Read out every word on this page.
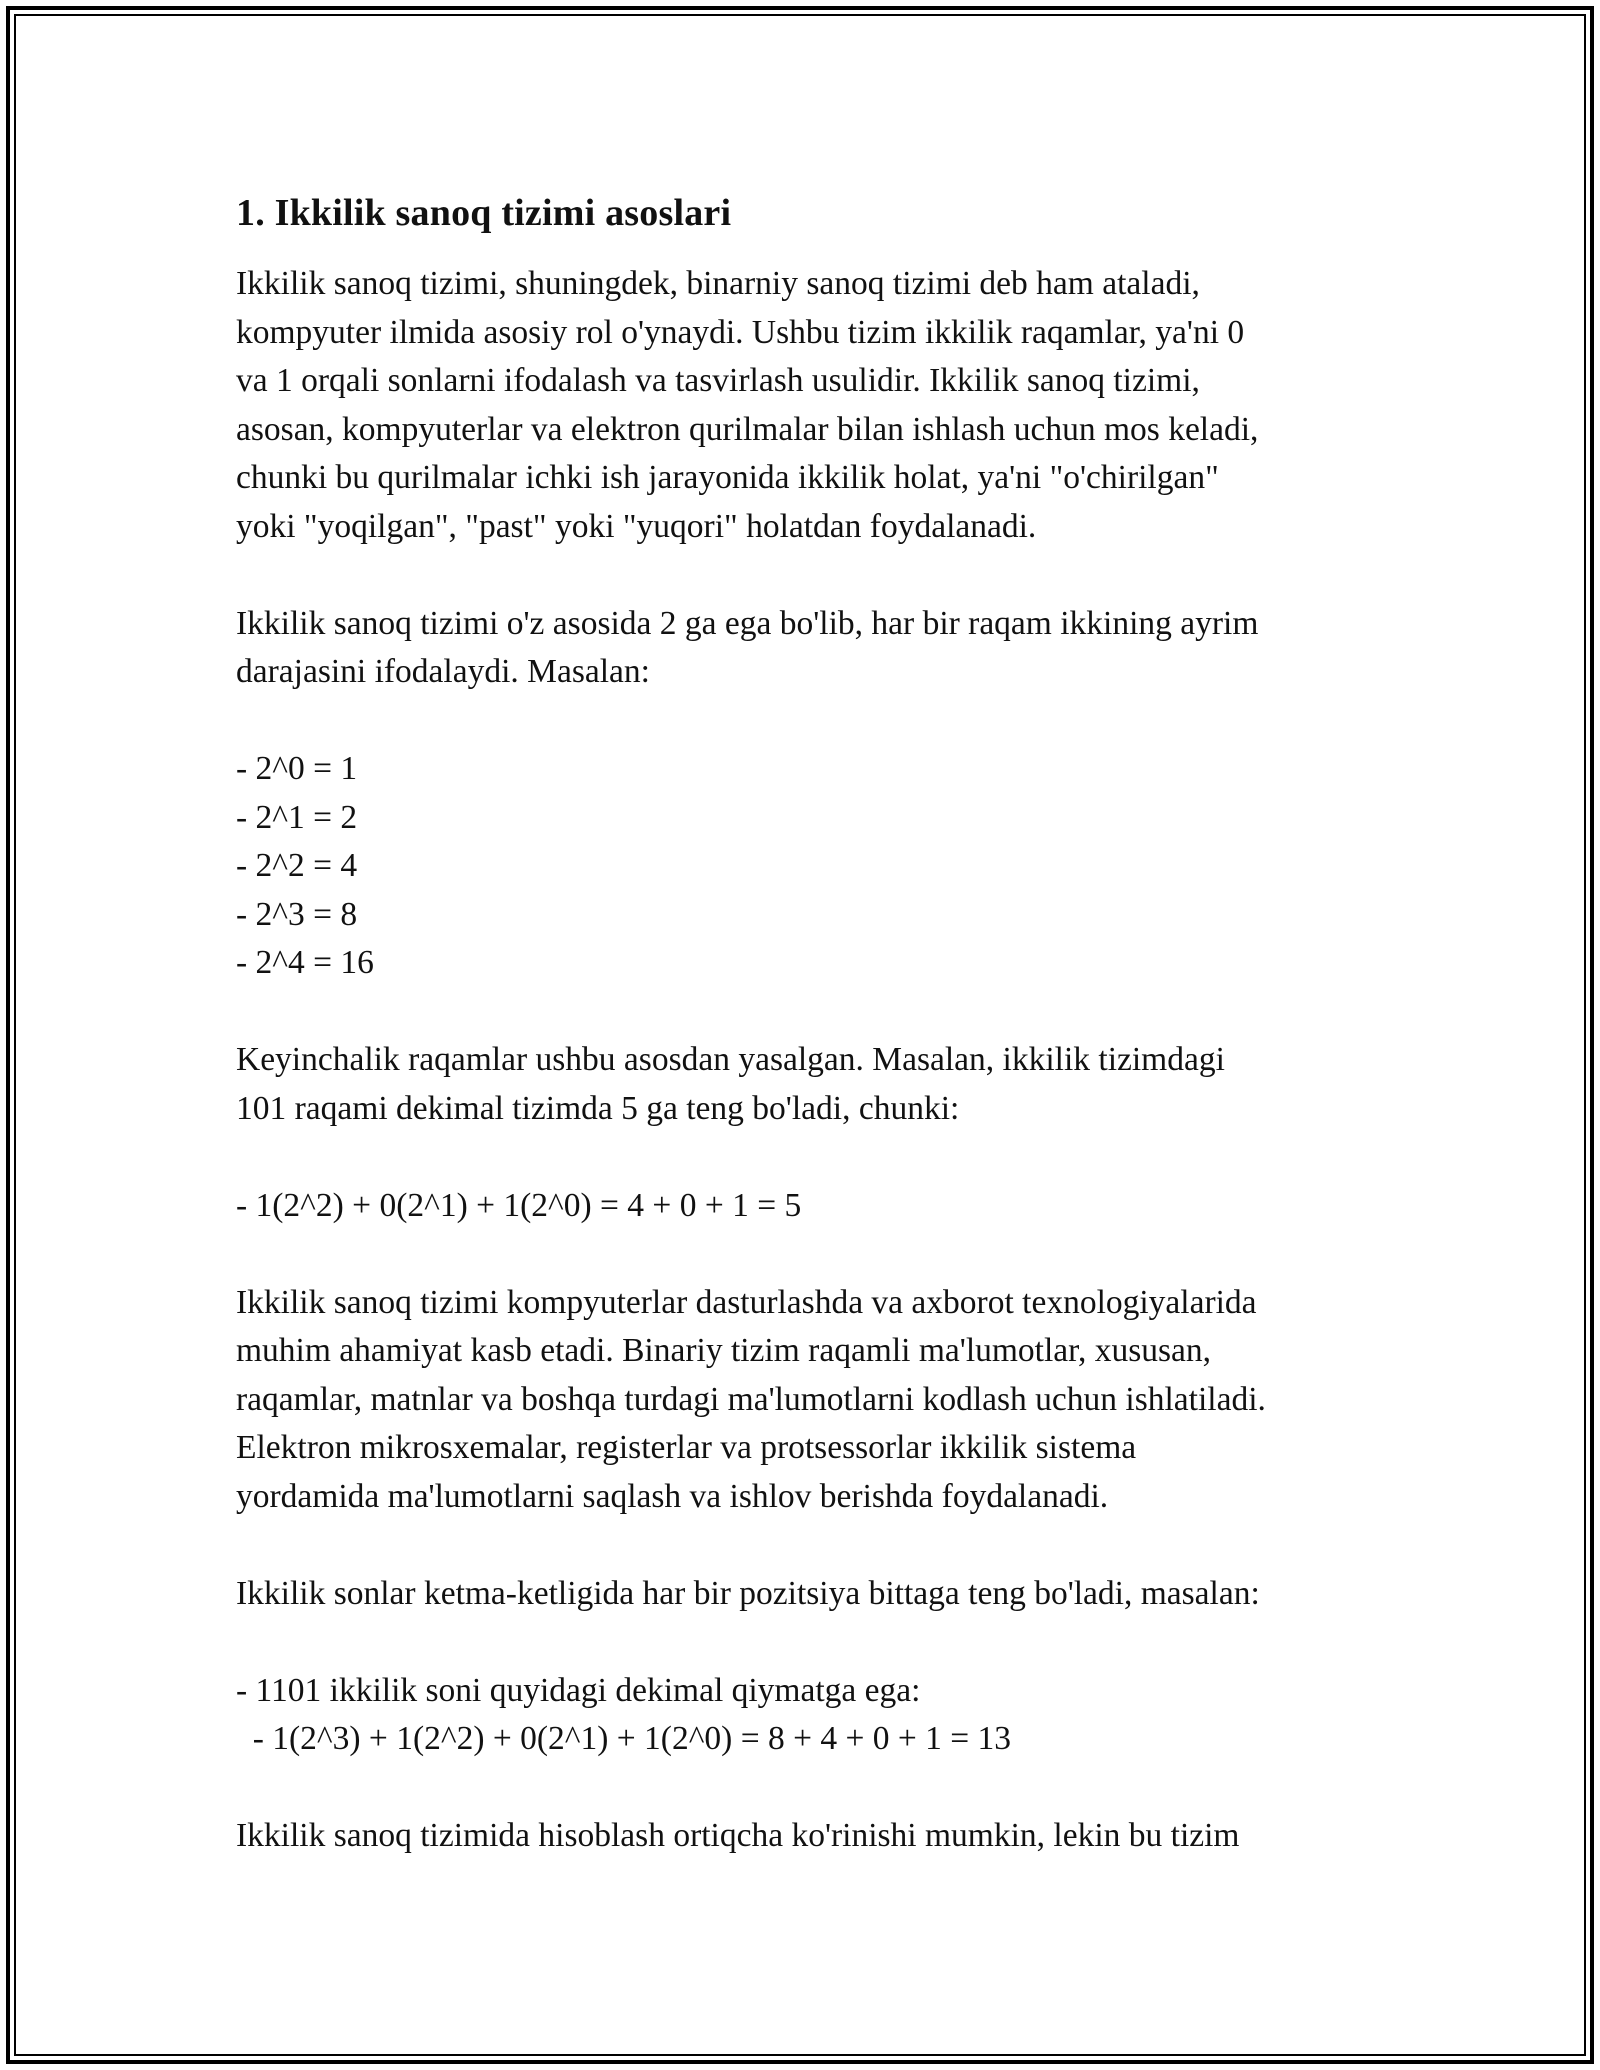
1. Ikkilik sanoq tizimi asoslari

Ikkilik sanoq tizimi, shuningdek, binarniy sanoq tizimi deb ham ataladi,
kompyuter ilmida asosiy rol o'ynaydi. Ushbu tizim ikkilik raqamlar, ya'ni 0
va 1 orqali sonlarni ifodalash va tasvirlash usulidir. Ikkilik sanoq tizimi,
asosan, kompyuterlar va elektron qurilmalar bilan ishlash uchun mos keladi,
chunki bu qurilmalar ichki ish jarayonida ikkilik holat, ya'ni "o'chirilgan"
yoki "yoqilgan", "past" yoki "yuqori" holatdan foydalanadi.

Ikkilik sanoq tizimi o'z asosida 2 ga ega bo'lib, har bir raqam ikkining ayrim
darajasini ifodalaydi. Masalan:

- 2^0 = 1
- 2^1 = 2
- 2^2 = 4
- 2^3 = 8
- 2^4 = 16

Keyinchalik raqamlar ushbu asosdan yasalgan. Masalan, ikkilik tizimdagi
101 raqami dekimal tizimda 5 ga teng bo'ladi, chunki:

- 1(2^2) + 0(2^1) + 1(2^0) = 4 + 0 + 1 = 5

Ikkilik sanoq tizimi kompyuterlar dasturlashda va axborot texnologiyalarida
muhim ahamiyat kasb etadi. Binariy tizim raqamli ma'lumotlar, xususan,
raqamlar, matnlar va boshqa turdagi ma'lumotlarni kodlash uchun ishlatiladi.
Elektron mikrosxemalar, registerlar va protsessorlar ikkilik sistema
yordamida ma'lumotlarni saqlash va ishlov berishda foydalanadi.

Ikkilik sonlar ketma-ketligida har bir pozitsiya bittaga teng bo'ladi, masalan:

- 1101 ikkilik soni quyidagi dekimal qiymatga ega:
- 1(2^3) + 1(2^2) + 0(2^1) + 1(2^0) = 8 + 4 + 0 + 1 = 13

Ikkilik sanoq tizimida hisoblash ortiqcha ko'rinishi mumkin, lekin bu tizim
